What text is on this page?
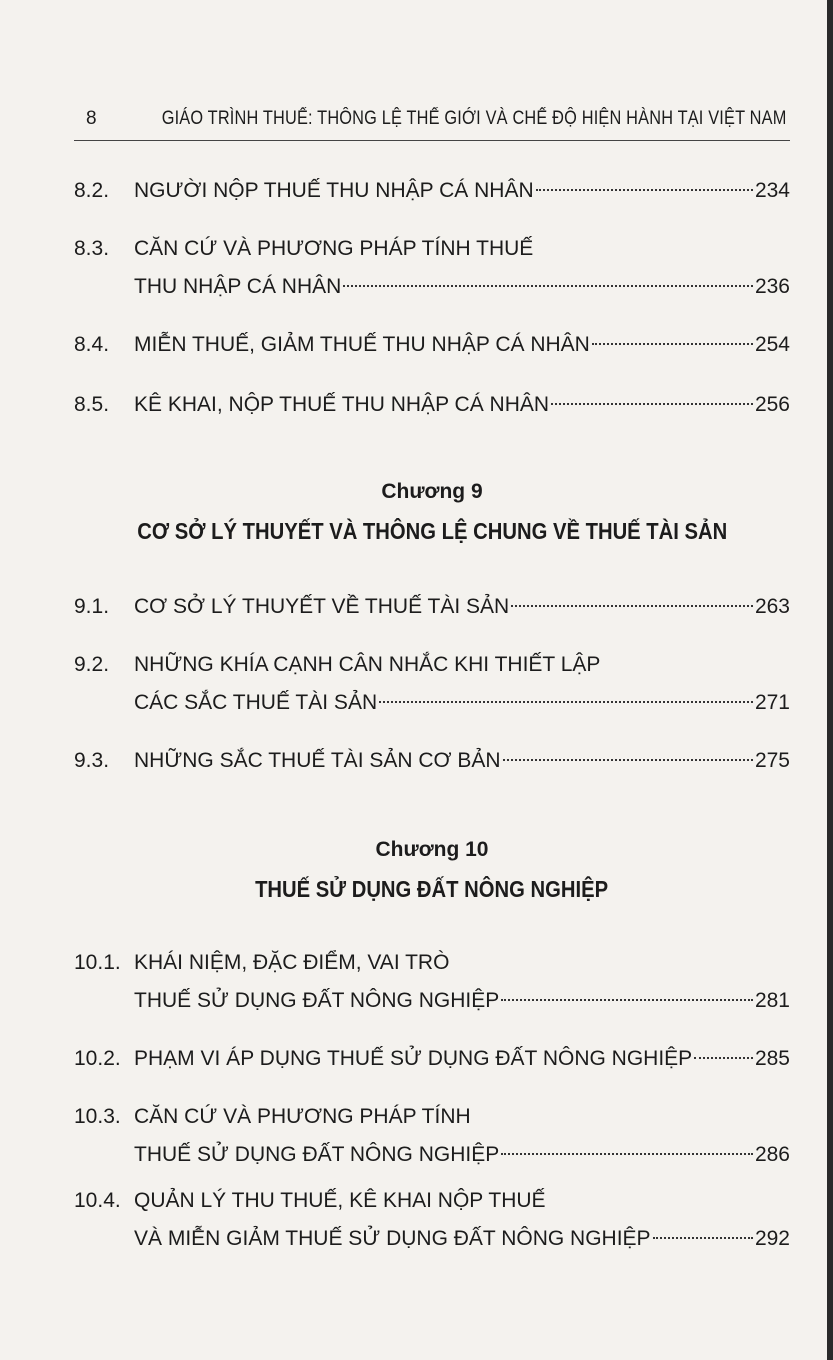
8	GIÁO TRÌNH THUẾ: THÔNG LỆ THẾ GIỚI VÀ CHẾ ĐỘ HIỆN HÀNH TẠI VIỆT NAM
8.2. NGƯỜI NỘP THUẾ THU NHẬP CÁ NHÂN	234
8.3. CĂN CỨ VÀ PHƯƠNG PHÁP TÍNH THUẾ
THU NHẬP CÁ NHÂN	236
8.4. MIỄN THUẾ, GIẢM THUẾ THU NHẬP CÁ NHÂN	254
8.5. KÊ KHAI, NỘP THUẾ THU NHẬP CÁ NHÂN	256
Chương 9
CƠ SỞ LÝ THUYẾT VÀ THÔNG LỆ CHUNG VỀ THUẾ TÀI SẢN
9.1. CƠ SỞ LÝ THUYẾT VỀ THUẾ TÀI SẢN	263
9.2. NHỮNG KHÍA CẠNH CÂN NHẮC KHI THIẾT LẬP
CÁC SẮC THUẾ TÀI SẢN	271
9.3. NHỮNG SẮC THUẾ TÀI SẢN CƠ BẢN	275
Chương 10
THUẾ SỬ DỤNG ĐẤT NÔNG NGHIỆP
10.1. KHÁI NIỆM, ĐẶC ĐIỂM, VAI TRÒ
THUẾ SỬ DỤNG ĐẤT NÔNG NGHIỆP	281
10.2. PHẠM VI ÁP DỤNG THUẾ SỬ DỤNG ĐẤT NÔNG NGHIỆP	285
10.3. CĂN CỨ VÀ PHƯƠNG PHÁP TÍNH
THUẾ SỬ DỤNG ĐẤT NÔNG NGHIỆP	286
10.4. QUẢN LÝ THU THUẾ, KÊ KHAI NỘP THUẾ
VÀ MIỄN GIẢM THUẾ SỬ DỤNG ĐẤT NÔNG NGHIỆP	292
